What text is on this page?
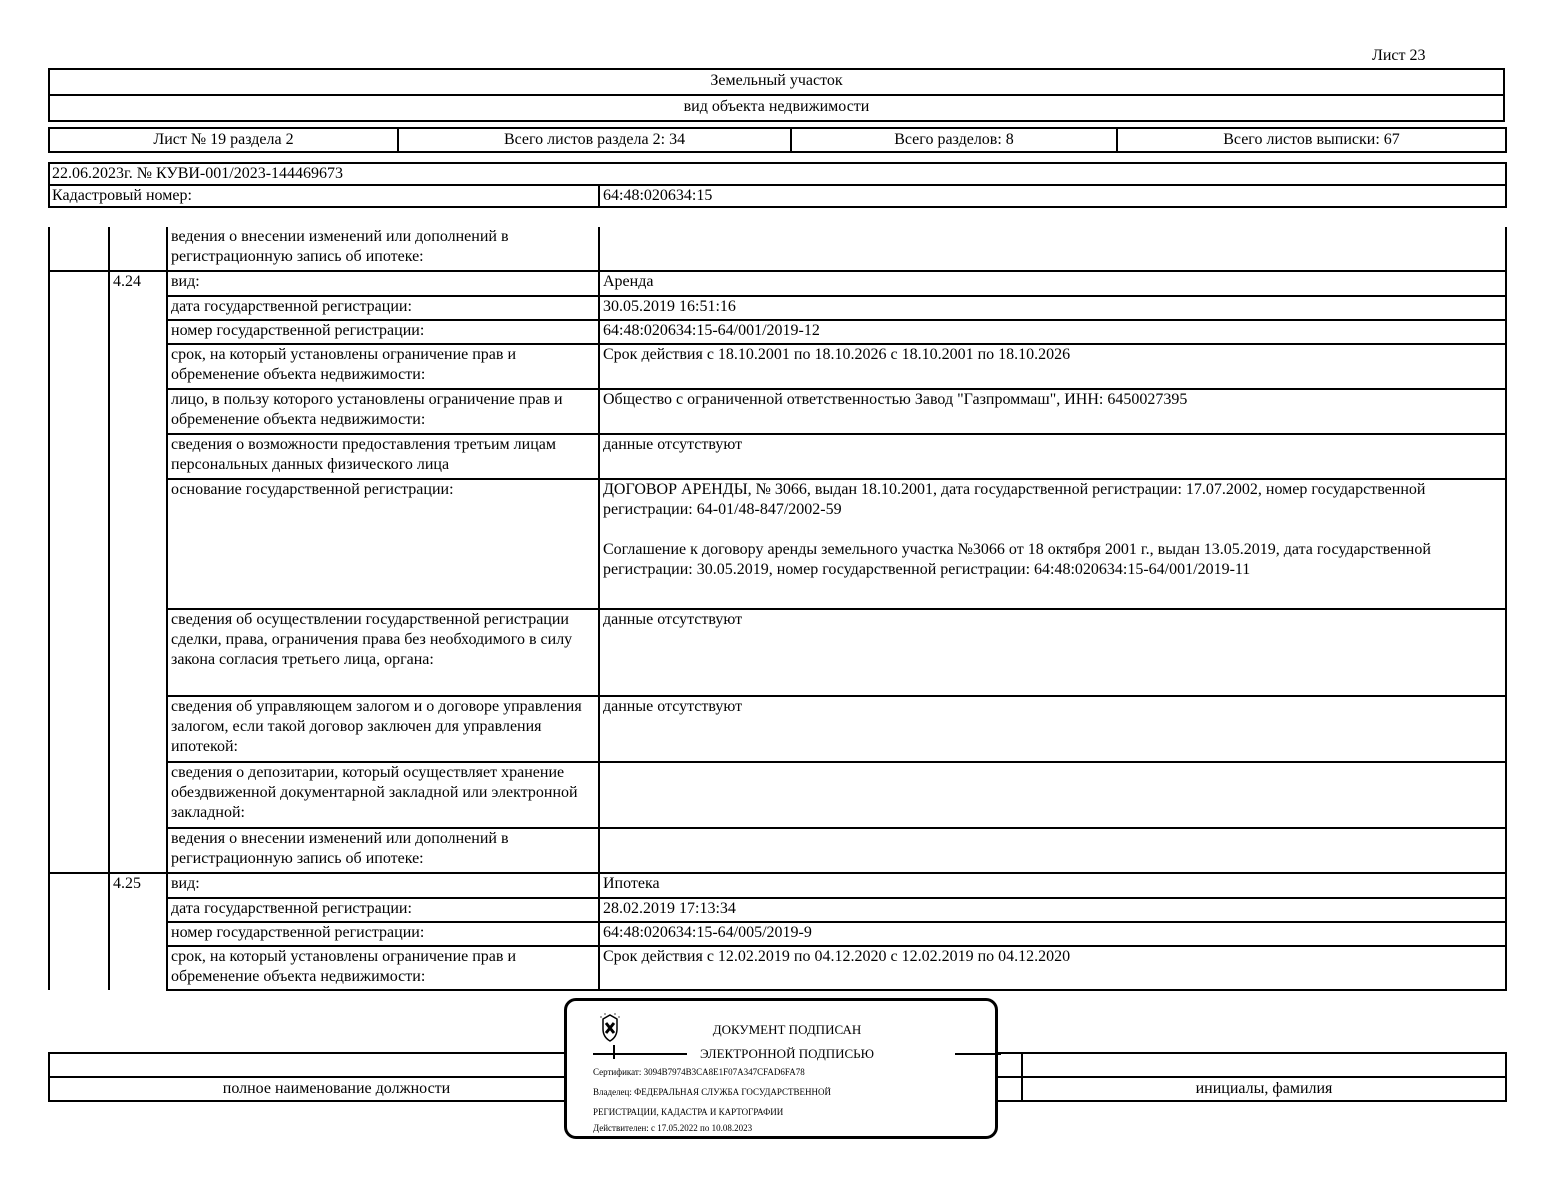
Лист 23
Земельный участок
вид объекта недвижимости
Лист № 19 раздела 2	Всего листов раздела 2: 34	Всего разделов: 8	Всего листов выписки: 67
22.06.2023г. № КУВИ-001/2023-144469673
Кадастровый номер:	64:48:020634:15
		ведения о внесении изменений или дополнений в регистрационную запись об ипотеке:	

	4.24	вид:	Аренда

		дата государственной регистрации:	30.05.2019 16:51:16

		номер государственной регистрации:	64:48:020634:15-64/001/2019-12

		срок, на который установлены ограничение прав и обременение объекта недвижимости:	Срок действия с 18.10.2001 по 18.10.2026 с 18.10.2001 по 18.10.2026

		лицо, в пользу которого установлены ограничение прав и обременение объекта недвижимости:	Общество с ограниченной ответственностью Завод "Газпроммаш", ИНН: 6450027395

		сведения о возможности предоставления третьим лицам персональных данных физического лица	данные отсутствуют

		основание государственной регистрации:	ДОГОВОР АРЕНДЫ, № 3066, выдан 18.10.2001, дата государственной регистрации: 17.07.2002, номер государственной регистрации: 64-01/48-847/2002-59
Соглашение к договору аренды земельного участка №3066 от 18 октября 2001 г., выдан 13.05.2019, дата государственной регистрации: 30.05.2019, номер государственной регистрации: 64:48:020634:15-64/001/2019-11

		сведения об осуществлении государственной регистрации сделки, права, ограничения права без необходимого в силу закона согласия третьего лица, органа:	данные отсутствуют

		сведения об управляющем залогом и о договоре управления залогом, если такой договор заключен для управления ипотекой:	данные отсутствуют

		сведения о депозитарии, который осуществляет хранение обездвиженной документарной закладной или электронной закладной:	

		ведения о внесении изменений или дополнений в регистрационную запись об ипотеке:	

	4.25	вид:	Ипотека

		дата государственной регистрации:	28.02.2019 17:13:34

		номер государственной регистрации:	64:48:020634:15-64/005/2019-9

		срок, на который установлены ограничение прав и обременение объекта недвижимости:	Срок действия с 12.02.2019 по 04.12.2020 с 12.02.2019 по 04.12.2020

полное наименование должности		инициалы, фамилия
ДОКУМЕНТ ПОДПИСАН
ЭЛЕКТРОННОЙ ПОДПИСЬЮ
Сертификат: 3094B7974B3CA8E1F07A347CFAD6FA78
Владелец: ФЕДЕРАЛЬНАЯ СЛУЖБА ГОСУДАРСТВЕННОЙ
РЕГИСТРАЦИИ, КАДАСТРА И КАРТОГРАФИИ
Действителен: с 17.05.2022 по 10.08.2023
